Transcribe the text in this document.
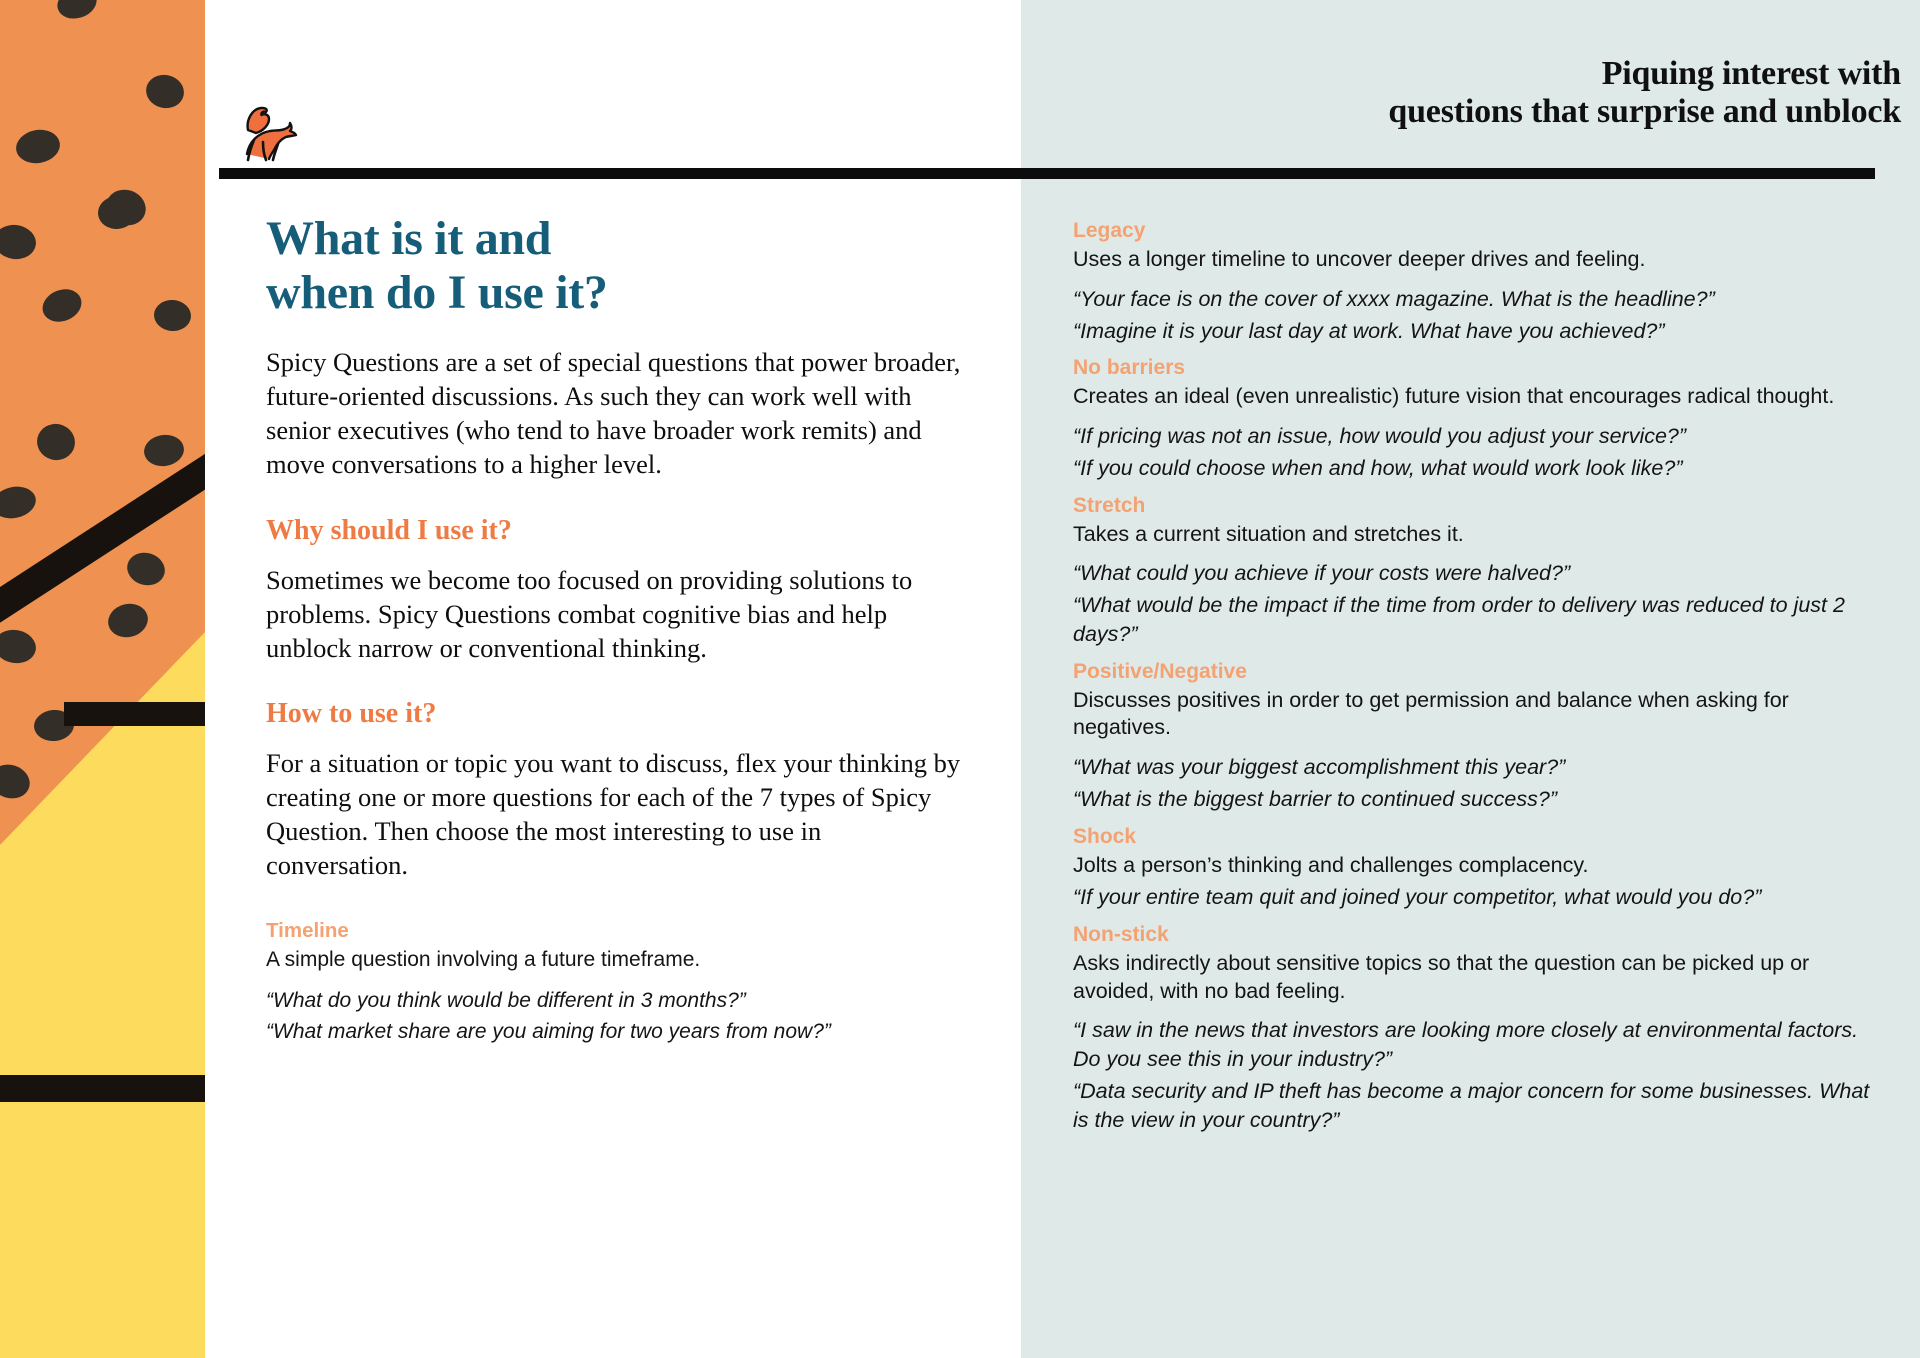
Piquing interest with
questions that surprise and unblock
What is it and
when do I use it?

Spicy Questions are a set of special questions that power broader, future-oriented discussions. As such they can work well with senior executives (who tend to have broader work remits) and move conversations to a higher level.

Why should I use it?

Sometimes we become too focused on providing solutions to problems. Spicy Questions combat cognitive bias and help unblock narrow or conventional thinking.

How to use it?

For a situation or topic you want to discuss, flex your thinking by creating one or more questions for each of the 7 types of Spicy Question. Then choose the most interesting to use in conversation.

Timeline
A simple question involving a future timeframe.
“What do you think would be different in 3 months?”
“What market share are you aiming for two years from now?”
Legacy
Uses a longer timeline to uncover deeper drives and feeling.
“Your face is on the cover of xxxx magazine. What is the headline?”
“Imagine it is your last day at work. What have you achieved?”
No barriers
Creates an ideal (even unrealistic) future vision that encourages radical thought.
“If pricing was not an issue, how would you adjust your service?”
“If you could choose when and how, what would work look like?”
Stretch
Takes a current situation and stretches it.
“What could you achieve if your costs were halved?”
“What would be the impact if the time from order to delivery was reduced to just 2 days?”
Positive/Negative
Discusses positives in order to get permission and balance when asking for negatives.
“What was your biggest accomplishment this year?”
“What is the biggest barrier to continued success?”
Shock
Jolts a person’s thinking and challenges complacency.
“If your entire team quit and joined your competitor, what would you do?”
Non-stick
Asks indirectly about sensitive topics so that the question can be picked up or avoided, with no bad feeling.
“I saw in the news that investors are looking more closely at environmental factors. Do you see this in your industry?”
“Data security and IP theft has become a major concern for some businesses. What is the view in your country?”
